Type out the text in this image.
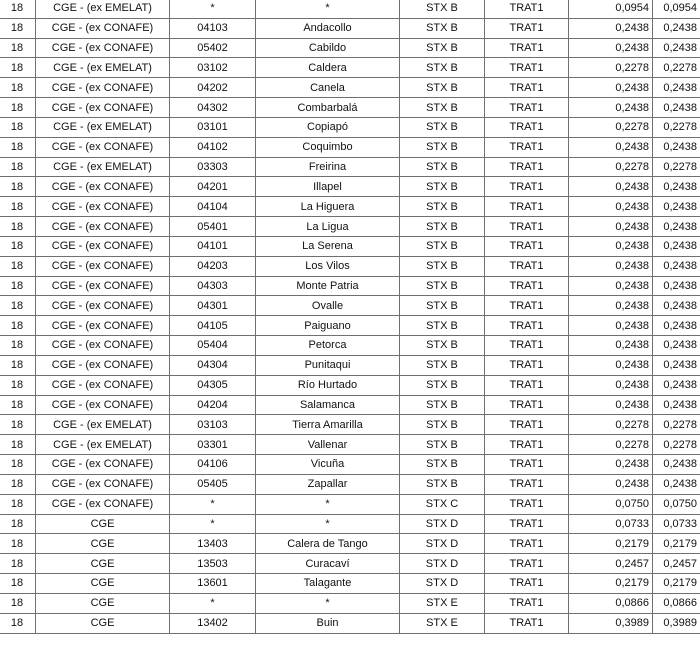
18	CGE - (ex EMELAT)	*	*	STX B	TRAT1	0,0954	0,0954
18	CGE - (ex CONAFE)	04103	Andacollo	STX B	TRAT1	0,2438	0,2438
18	CGE - (ex CONAFE)	05402	Cabildo	STX B	TRAT1	0,2438	0,2438
18	CGE - (ex EMELAT)	03102	Caldera	STX B	TRAT1	0,2278	0,2278
18	CGE - (ex CONAFE)	04202	Canela	STX B	TRAT1	0,2438	0,2438
18	CGE - (ex CONAFE)	04302	Combarbalá	STX B	TRAT1	0,2438	0,2438
18	CGE - (ex EMELAT)	03101	Copiapó	STX B	TRAT1	0,2278	0,2278
18	CGE - (ex CONAFE)	04102	Coquimbo	STX B	TRAT1	0,2438	0,2438
18	CGE - (ex EMELAT)	03303	Freirina	STX B	TRAT1	0,2278	0,2278
18	CGE - (ex CONAFE)	04201	Illapel	STX B	TRAT1	0,2438	0,2438
18	CGE - (ex CONAFE)	04104	La Higuera	STX B	TRAT1	0,2438	0,2438
18	CGE - (ex CONAFE)	05401	La Ligua	STX B	TRAT1	0,2438	0,2438
18	CGE - (ex CONAFE)	04101	La Serena	STX B	TRAT1	0,2438	0,2438
18	CGE - (ex CONAFE)	04203	Los Vilos	STX B	TRAT1	0,2438	0,2438
18	CGE - (ex CONAFE)	04303	Monte Patria	STX B	TRAT1	0,2438	0,2438
18	CGE - (ex CONAFE)	04301	Ovalle	STX B	TRAT1	0,2438	0,2438
18	CGE - (ex CONAFE)	04105	Paiguano	STX B	TRAT1	0,2438	0,2438
18	CGE - (ex CONAFE)	05404	Petorca	STX B	TRAT1	0,2438	0,2438
18	CGE - (ex CONAFE)	04304	Punitaqui	STX B	TRAT1	0,2438	0,2438
18	CGE - (ex CONAFE)	04305	Río Hurtado	STX B	TRAT1	0,2438	0,2438
18	CGE - (ex CONAFE)	04204	Salamanca	STX B	TRAT1	0,2438	0,2438
18	CGE - (ex EMELAT)	03103	Tierra Amarilla	STX B	TRAT1	0,2278	0,2278
18	CGE - (ex EMELAT)	03301	Vallenar	STX B	TRAT1	0,2278	0,2278
18	CGE - (ex CONAFE)	04106	Vicuña	STX B	TRAT1	0,2438	0,2438
18	CGE - (ex CONAFE)	05405	Zapallar	STX B	TRAT1	0,2438	0,2438
18	CGE - (ex CONAFE)	*	*	STX C	TRAT1	0,0750	0,0750
18	CGE	*	*	STX D	TRAT1	0,0733	0,0733
18	CGE	13403	Calera de Tango	STX D	TRAT1	0,2179	0,2179
18	CGE	13503	Curacaví	STX D	TRAT1	0,2457	0,2457
18	CGE	13601	Talagante	STX D	TRAT1	0,2179	0,2179
18	CGE	*	*	STX E	TRAT1	0,0866	0,0866
18	CGE	13402	Buin	STX E	TRAT1	0,3989	0,3989
